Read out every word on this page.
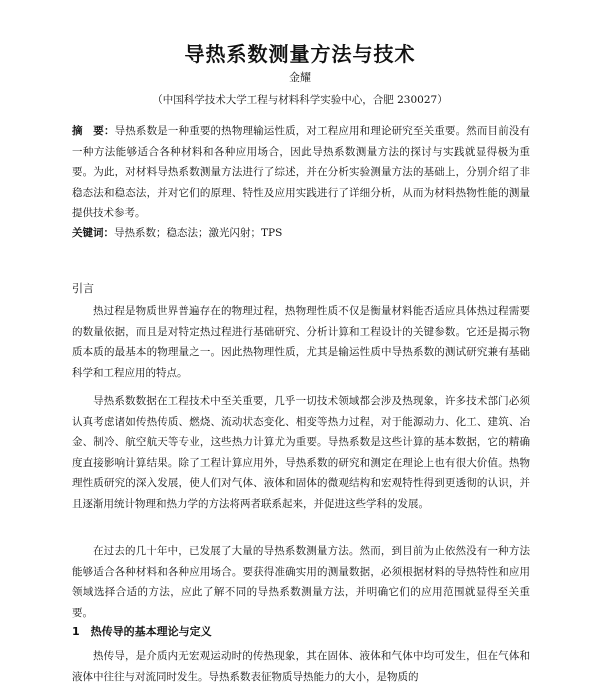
导热系数测量方法与技术
金耀
（中国科学技术大学工程与材料科学实验中心，合肥 230027）
摘　要：导热系数是一种重要的热物理输运性质，对工程应用和理论研究至关重要。然而目前没有一种方法能够适合各种材料和各种应用场合，因此导热系数测量方法的探讨与实践就显得极为重要。为此，对材料导热系数测量方法进行了综述，并在分析实验测量方法的基础上，分别介绍了非稳态法和稳态法，并对它们的原理、特性及应用实践进行了详细分析，从而为材料热物性能的测量提供技术参考。
关键词：导热系数；稳态法；激光闪射；TPS
引言
热过程是物质世界普遍存在的物理过程，热物理性质不仅是衡量材料能否适应具体热过程需要的数量依据，而且是对特定热过程进行基础研究、分析计算和工程设计的关键参数。它还是揭示物质本质的最基本的物理量之一。因此热物理性质，尤其是输运性质中导热系数的测试研究兼有基础科学和工程应用的特点。
导热系数数据在工程技术中至关重要，几乎一切技术领域都会涉及热现象，许多技术部门必须认真考虑诸如传热传质、燃烧、流动状态变化、相变等热力过程，对于能源动力、化工、建筑、冶金、制冷、航空航天等专业，这些热力计算尤为重要。导热系数是这些计算的基本数据，它的精确度直接影响计算结果。除了工程计算应用外，导热系数的研究和测定在理论上也有很大价值。热物理性质研究的深入发展，使人们对气体、液体和固体的微观结构和宏观特性得到更透彻的认识，并且逐渐用统计物理和热力学的方法将两者联系起来，并促进这些学科的发展。
在过去的几十年中，已发展了大量的导热系数测量方法。然而，到目前为止依然没有一种方法能够适合各种材料和各种应用场合。要获得准确实用的测量数据，必须根据材料的导热特性和应用领域选择合适的方法，应此了解不同的导热系数测量方法，并明确它们的应用范围就显得至关重要。
1　热传导的基本理论与定义
热传导，是介质内无宏观运动时的传热现象，其在固体、液体和气体中均可发生，但在气体和液体中往往与对流同时发生。导热系数表征物质导热能力的大小，是物质的
